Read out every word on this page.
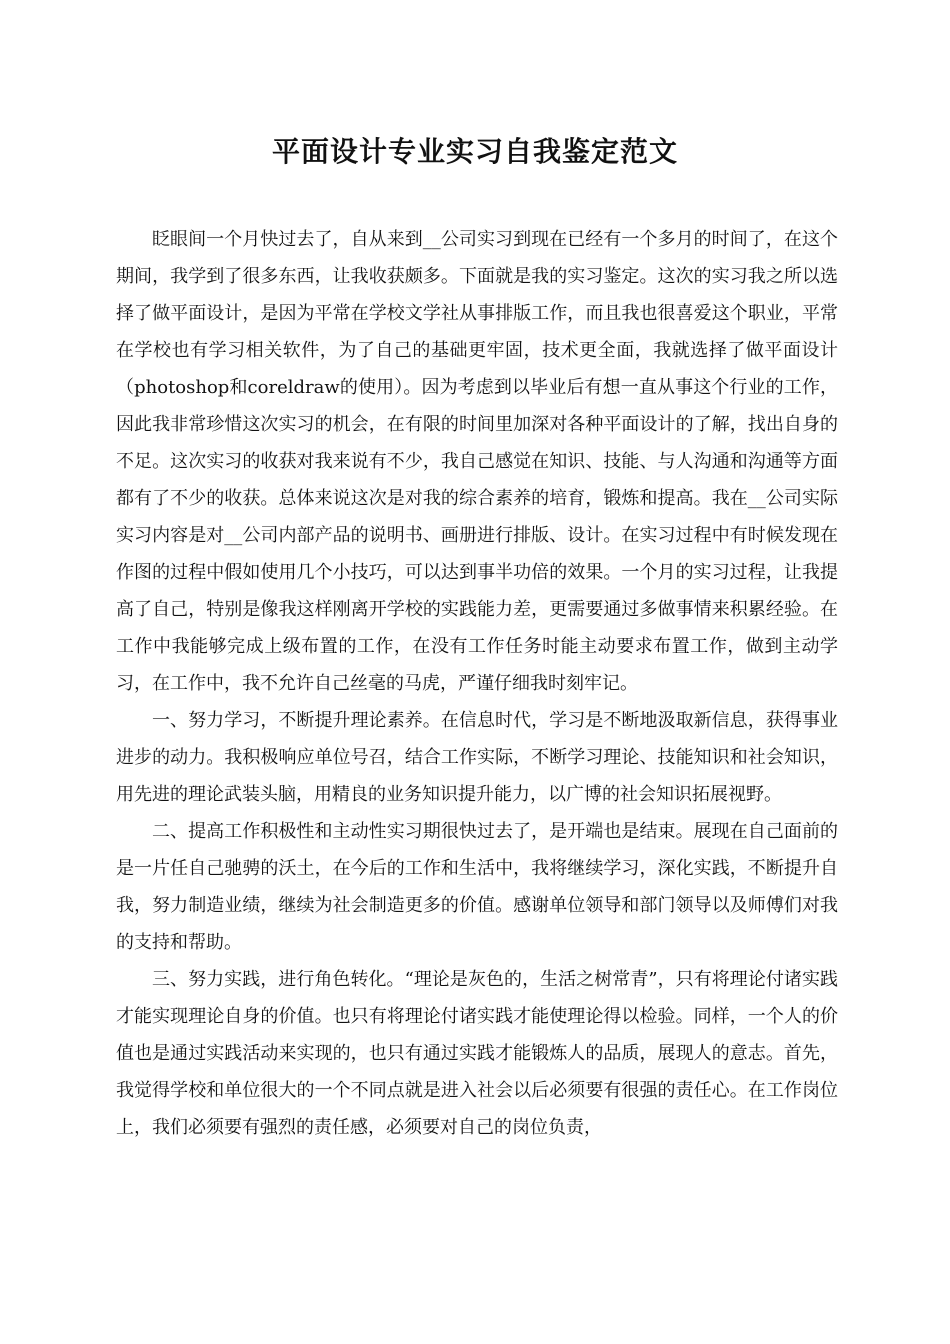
平面设计专业实习自我鉴定范文

眨眼间一个月快过去了，自从来到__公司实习到现在已经有一个多月的时间了，在这个期间，我学到了很多东西，让我收获颇多。下面就是我的实习鉴定。这次的实习我之所以选择了做平面设计，是因为平常在学校文学社从事排版工作，而且我也很喜爱这个职业，平常在学校也有学习相关软件，为了自己的基础更牢固，技术更全面，我就选择了做平面设计（photoshop和coreldraw的使用）。因为考虑到以毕业后有想一直从事这个行业的工作，因此我非常珍惜这次实习的机会，在有限的时间里加深对各种平面设计的了解，找出自身的不足。这次实习的收获对我来说有不少，我自己感觉在知识、技能、与人沟通和沟通等方面都有了不少的收获。总体来说这次是对我的综合素养的培育，锻炼和提高。我在__公司实际实习内容是对__公司内部产品的说明书、画册进行排版、设计。在实习过程中有时候发现在作图的过程中假如使用几个小技巧，可以达到事半功倍的效果。一个月的实习过程，让我提高了自己，特别是像我这样刚离开学校的实践能力差，更需要通过多做事情来积累经验。在工作中我能够完成上级布置的工作，在没有工作任务时能主动要求布置工作，做到主动学习，在工作中，我不允许自己丝毫的马虎，严谨仔细我时刻牢记。

一、努力学习，不断提升理论素养。在信息时代，学习是不断地汲取新信息，获得事业进步的动力。我积极响应单位号召，结合工作实际，不断学习理论、技能知识和社会知识，用先进的理论武装头脑，用精良的业务知识提升能力，以广博的社会知识拓展视野。

二、提高工作积极性和主动性实习期很快过去了，是开端也是结束。展现在自己面前的是一片任自己驰骋的沃土，在今后的工作和生活中，我将继续学习，深化实践，不断提升自我，努力制造业绩，继续为社会制造更多的价值。感谢单位领导和部门领导以及师傅们对我的支持和帮助。

三、努力实践，进行角色转化。“理论是灰色的，生活之树常青”，只有将理论付诸实践才能实现理论自身的价值。也只有将理论付诸实践才能使理论得以检验。同样，一个人的价值也是通过实践活动来实现的，也只有通过实践才能锻炼人的品质，展现人的意志。首先，我觉得学校和单位很大的一个不同点就是进入社会以后必须要有很强的责任心。在工作岗位上，我们必须要有强烈的责任感，必须要对自己的岗位负责，
